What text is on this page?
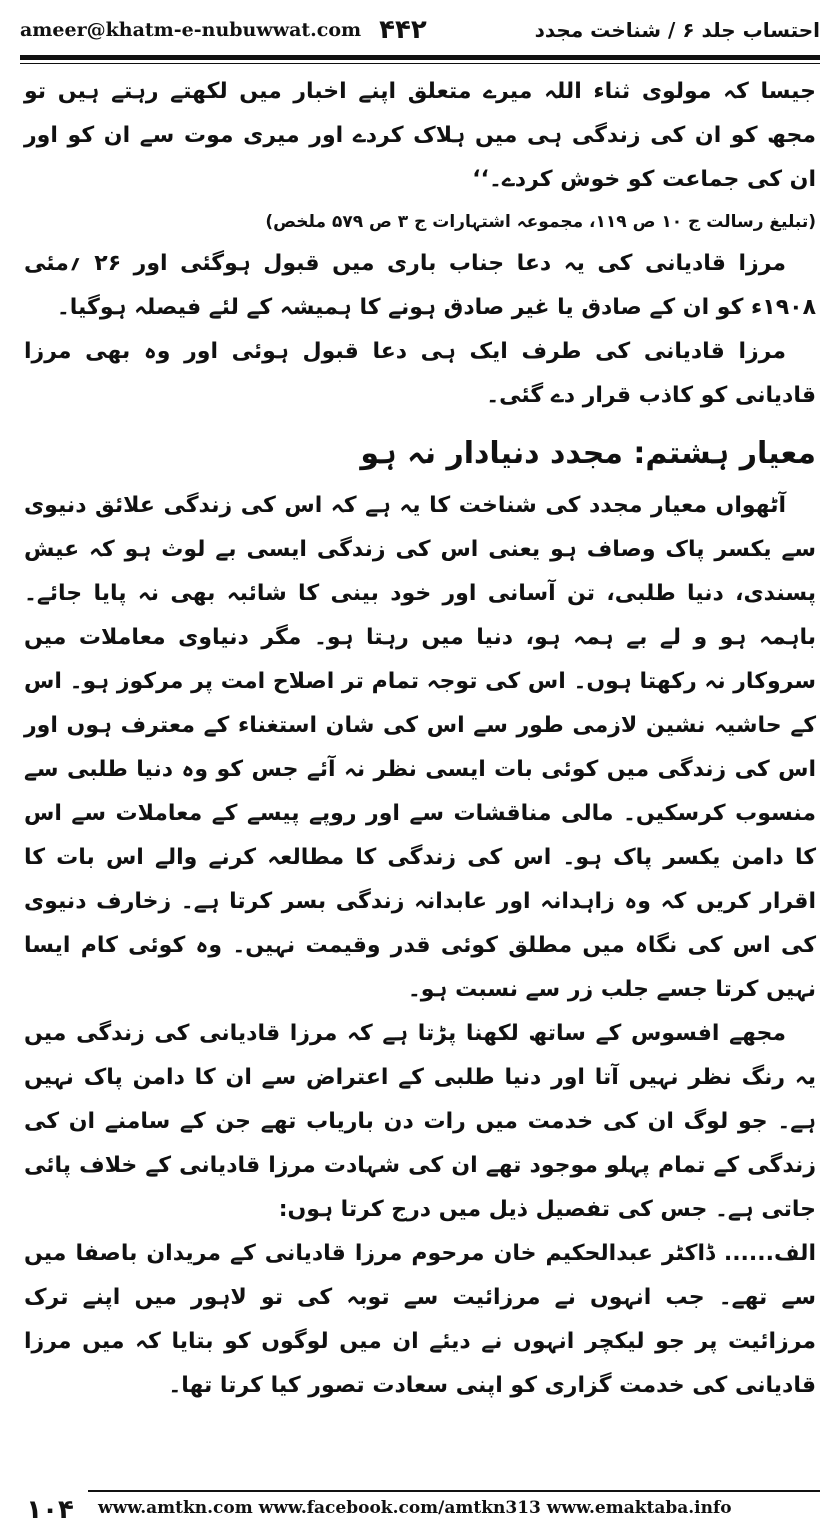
ameer@khatm-e-nubuwwat.com ۴۴۲	احتساب جلد ۶ / شناخت مجدد

جیسا کہ مولوی ثناء اللہ میرے متعلق اپنے اخبار میں لکھتے رہتے ہیں تو مجھ کو ان کی زندگی ہی میں ہلاک کردے اور میری موت سے ان کو اور ان کی جماعت کو خوش کردے۔‘‘

(تبلیغ رسالت ج ۱۰ ص ۱۱۹، مجموعہ اشتہارات ج ۳ ص ۵۷۹ ملخص)

مرزا قادیانی کی یہ دعا جناب باری میں قبول ہوگئی اور ۲۶ ؍مئی ۱۹۰۸ء کو ان کے صادق یا غیر صادق ہونے کا ہمیشہ کے لئے فیصلہ ہوگیا۔

مرزا قادیانی کی طرف ایک ہی دعا قبول ہوئی اور وہ بھی مرزا قادیانی کو کاذب قرار دے گئی۔

معیار ہشتم: مجدد دنیادار نہ ہو

آٹھواں معیار مجدد کی شناخت کا یہ ہے کہ اس کی زندگی علائق دنیوی سے یکسر پاک وصاف ہو یعنی اس کی زندگی ایسی بے لوث ہو کہ عیش پسندی، دنیا طلبی، تن آسانی اور خود بینی کا شائبہ بھی نہ پایا جائے۔ باہمہ ہو و لے بے ہمہ ہو، دنیا میں رہتا ہو۔ مگر دنیاوی معاملات میں سروکار نہ رکھتا ہوں۔ اس کی توجہ تمام تر اصلاح امت پر مرکوز ہو۔ اس کے حاشیہ نشین لازمی طور سے اس کی شان استغناء کے معترف ہوں اور اس کی زندگی میں کوئی بات ایسی نظر نہ آئے جس کو وہ دنیا طلبی سے منسوب کرسکیں۔ مالی مناقشات سے اور روپے پیسے کے معاملات سے اس کا دامن یکسر پاک ہو۔ اس کی زندگی کا مطالعہ کرنے والے اس بات کا اقرار کریں کہ وہ زاہدانہ اور عابدانہ زندگی بسر کرتا ہے۔ زخارف دنیوی کی اس کی نگاہ میں مطلق کوئی قدر وقیمت نہیں۔ وہ کوئی کام ایسا نہیں کرتا جسے جلب زر سے نسبت ہو۔

مجھے افسوس کے ساتھ لکھنا پڑتا ہے کہ مرزا قادیانی کی زندگی میں یہ رنگ نظر نہیں آتا اور دنیا طلبی کے اعتراض سے ان کا دامن پاک نہیں ہے۔ جو لوگ ان کی خدمت میں رات دن باریاب تھے جن کے سامنے ان کی زندگی کے تمام پہلو موجود تھے ان کی شہادت مرزا قادیانی کے خلاف پائی جاتی ہے۔ جس کی تفصیل ذیل میں درج کرتا ہوں:

الف...... ڈاکٹر عبدالحکیم خان مرحوم مرزا قادیانی کے مریدان باصفا میں سے تھے۔ جب انہوں نے مرزائیت سے توبہ کی تو لاہور میں اپنے ترک مرزائیت پر جو لیکچر انہوں نے دیئے ان میں لوگوں کو بتایا کہ میں مرزا قادیانی کی خدمت گزاری کو اپنی سعادت تصور کیا کرتا تھا۔

۱۰۴	www.amtkn.com www.facebook.com/amtkn313 www.emaktaba.info
